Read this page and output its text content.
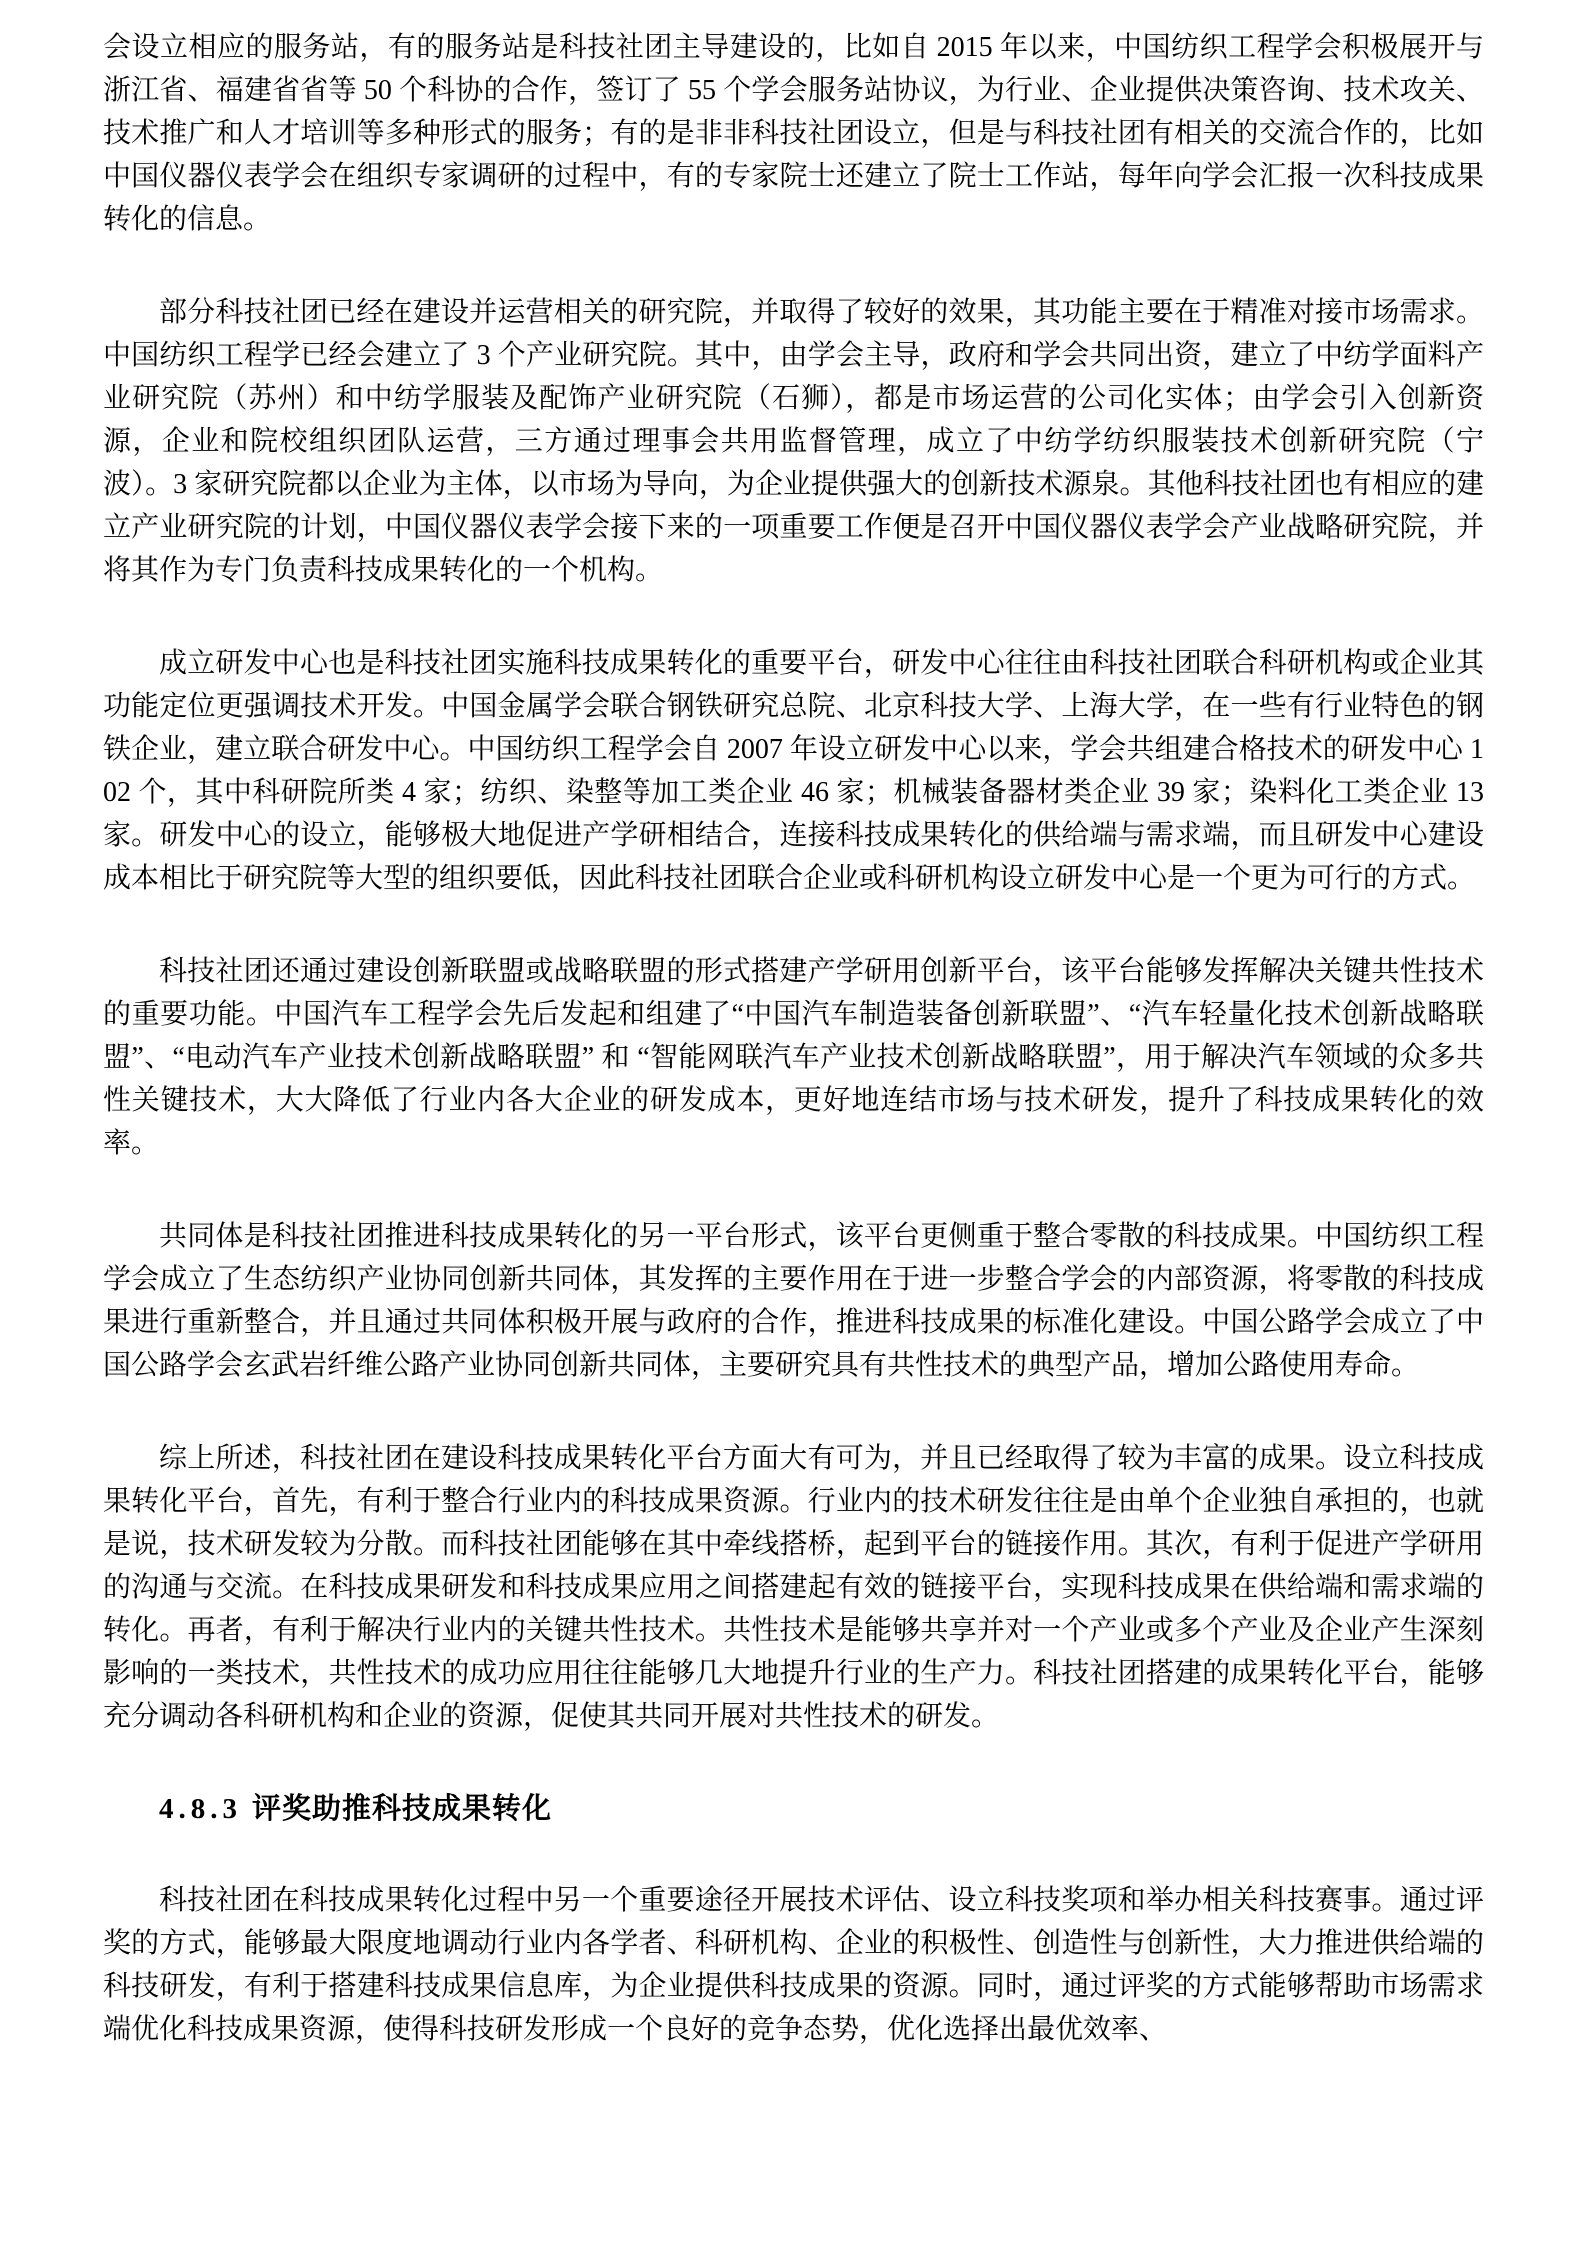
会设立相应的服务站，有的服务站是科技社团主导建设的，比如自 2015 年以来，中国纺织工程学会积极展开与浙江省、福建省省等 50 个科协的合作，签订了 55 个学会服务站协议，为行业、企业提供决策咨询、技术攻关、技术推广和人才培训等多种形式的服务；有的是非非科技社团设立，但是与科技社团有相关的交流合作的，比如中国仪器仪表学会在组织专家调研的过程中，有的专家院士还建立了院士工作站，每年向学会汇报一次科技成果转化的信息。

部分科技社团已经在建设并运营相关的研究院，并取得了较好的效果，其功能主要在于精准对接市场需求。中国纺织工程学已经会建立了 3 个产业研究院。其中，由学会主导，政府和学会共同出资，建立了中纺学面料产业研究院（苏州）和中纺学服装及配饰产业研究院（石狮），都是市场运营的公司化实体；由学会引入创新资源，企业和院校组织团队运营，三方通过理事会共用监督管理，成立了中纺学纺织服装技术创新研究院（宁波）。3 家研究院都以企业为主体，以市场为导向，为企业提供强大的创新技术源泉。其他科技社团也有相应的建立产业研究院的计划，中国仪器仪表学会接下来的一项重要工作便是召开中国仪器仪表学会产业战略研究院，并将其作为专门负责科技成果转化的一个机构。

成立研发中心也是科技社团实施科技成果转化的重要平台，研发中心往往由科技社团联合科研机构或企业其功能定位更强调技术开发。中国金属学会联合钢铁研究总院、北京科技大学、上海大学，在一些有行业特色的钢铁企业，建立联合研发中心。中国纺织工程学会自 2007 年设立研发中心以来，学会共组建合格技术的研发中心 102 个，其中科研院所类 4 家；纺织、染整等加工类企业 46 家；机械装备器材类企业 39 家；染料化工类企业 13 家。研发中心的设立，能够极大地促进产学研相结合，连接科技成果转化的供给端与需求端，而且研发中心建设成本相比于研究院等大型的组织要低，因此科技社团联合企业或科研机构设立研发中心是一个更为可行的方式。

科技社团还通过建设创新联盟或战略联盟的形式搭建产学研用创新平台，该平台能够发挥解决关键共性技术的重要功能。中国汽车工程学会先后发起和组建了“中国汽车制造装备创新联盟”、“汽车轻量化技术创新战略联盟”、“电动汽车产业技术创新战略联盟” 和 “智能网联汽车产业技术创新战略联盟”，用于解决汽车领域的众多共性关键技术，大大降低了行业内各大企业的研发成本，更好地连结市场与技术研发，提升了科技成果转化的效率。

共同体是科技社团推进科技成果转化的另一平台形式，该平台更侧重于整合零散的科技成果。中国纺织工程学会成立了生态纺织产业协同创新共同体，其发挥的主要作用在于进一步整合学会的内部资源，将零散的科技成果进行重新整合，并且通过共同体积极开展与政府的合作，推进科技成果的标准化建设。中国公路学会成立了中国公路学会玄武岩纤维公路产业协同创新共同体，主要研究具有共性技术的典型产品，增加公路使用寿命。

综上所述，科技社团在建设科技成果转化平台方面大有可为，并且已经取得了较为丰富的成果。设立科技成果转化平台，首先，有利于整合行业内的科技成果资源。行业内的技术研发往往是由单个企业独自承担的，也就是说，技术研发较为分散。而科技社团能够在其中牵线搭桥，起到平台的链接作用。其次，有利于促进产学研用的沟通与交流。在科技成果研发和科技成果应用之间搭建起有效的链接平台，实现科技成果在供给端和需求端的转化。再者，有利于解决行业内的关键共性技术。共性技术是能够共享并对一个产业或多个产业及企业产生深刻影响的一类技术，共性技术的成功应用往往能够几大地提升行业的生产力。科技社团搭建的成果转化平台，能够充分调动各科研机构和企业的资源，促使其共同开展对共性技术的研发。

4.8.3 评奖助推科技成果转化

科技社团在科技成果转化过程中另一个重要途径开展技术评估、设立科技奖项和举办相关科技赛事。通过评奖的方式，能够最大限度地调动行业内各学者、科研机构、企业的积极性、创造性与创新性，大力推进供给端的科技研发，有利于搭建科技成果信息库，为企业提供科技成果的资源。同时，通过评奖的方式能够帮助市场需求端优化科技成果资源，使得科技研发形成一个良好的竞争态势，优化选择出最优效率、
